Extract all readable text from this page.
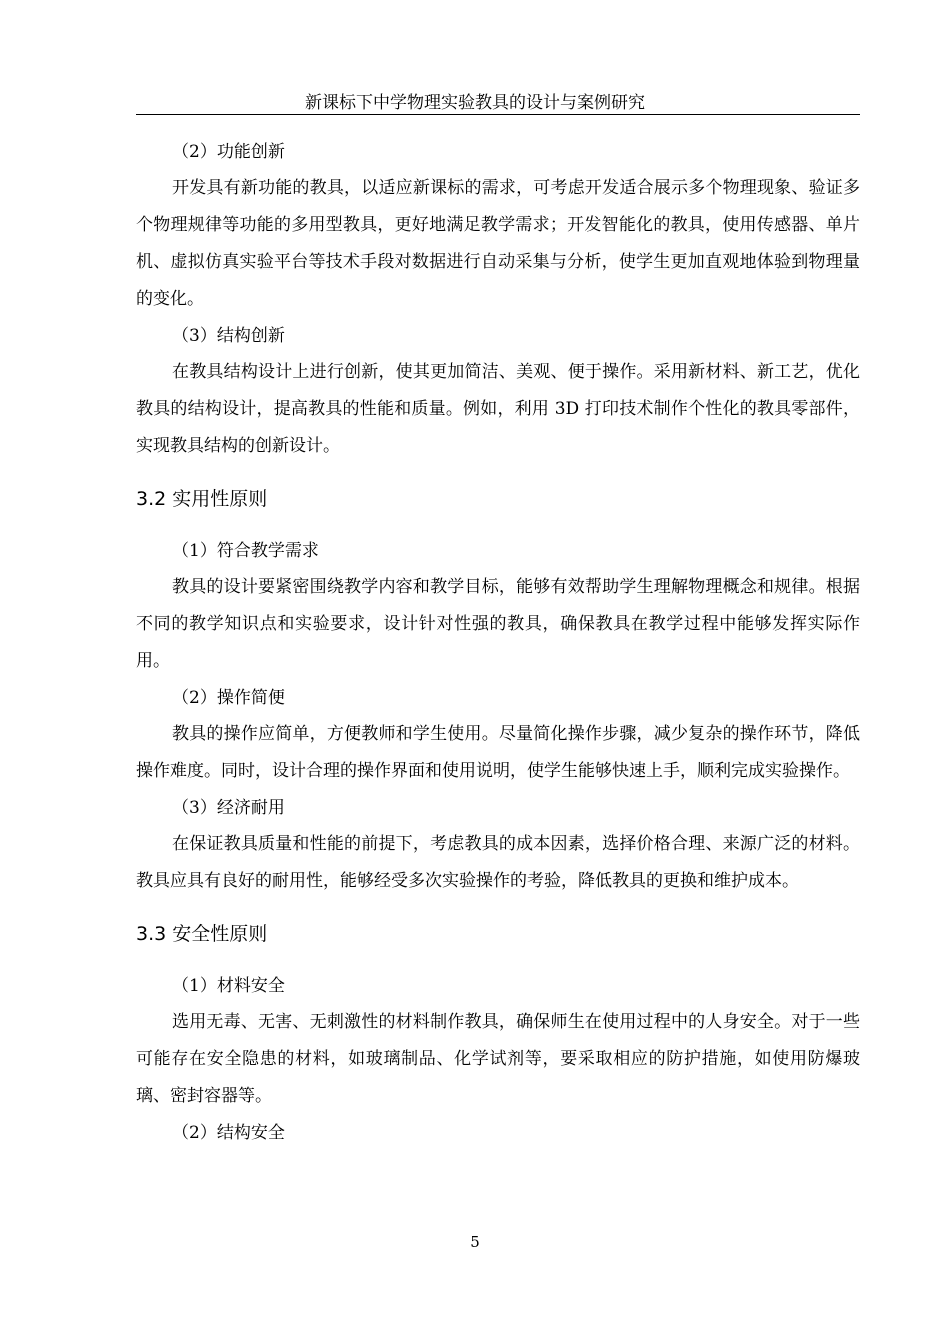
新课标下中学物理实验教具的设计与案例研究
（2）功能创新

开发具有新功能的教具，以适应新课标的需求，可考虑开发适合展示多个物理现象、验证多个物理规律等功能的多用型教具，更好地满足教学需求；开发智能化的教具，使用传感器、单片机、虚拟仿真实验平台等技术手段对数据进行自动采集与分析，使学生更加直观地体验到物理量的变化。

（3）结构创新

在教具结构设计上进行创新，使其更加简洁、美观、便于操作。采用新材料、新工艺，优化教具的结构设计，提高教具的性能和质量。例如，利用 3D 打印技术制作个性化的教具零部件，实现教具结构的创新设计。

3.2 实用性原则
（1）符合教学需求

教具的设计要紧密围绕教学内容和教学目标，能够有效帮助学生理解物理概念和规律。根据不同的教学知识点和实验要求，设计针对性强的教具，确保教具在教学过程中能够发挥实际作用。

（2）操作简便

教具的操作应简单，方便教师和学生使用。尽量简化操作步骤，减少复杂的操作环节，降低操作难度。同时，设计合理的操作界面和使用说明，使学生能够快速上手，顺利完成实验操作。

（3）经济耐用

在保证教具质量和性能的前提下，考虑教具的成本因素，选择价格合理、来源广泛的材料。教具应具有良好的耐用性，能够经受多次实验操作的考验，降低教具的更换和维护成本。

3.3 安全性原则
（1）材料安全

选用无毒、无害、无刺激性的材料制作教具，确保师生在使用过程中的人身安全。对于一些可能存在安全隐患的材料，如玻璃制品、化学试剂等，要采取相应的防护措施，如使用防爆玻璃、密封容器等。

（2）结构安全
5
